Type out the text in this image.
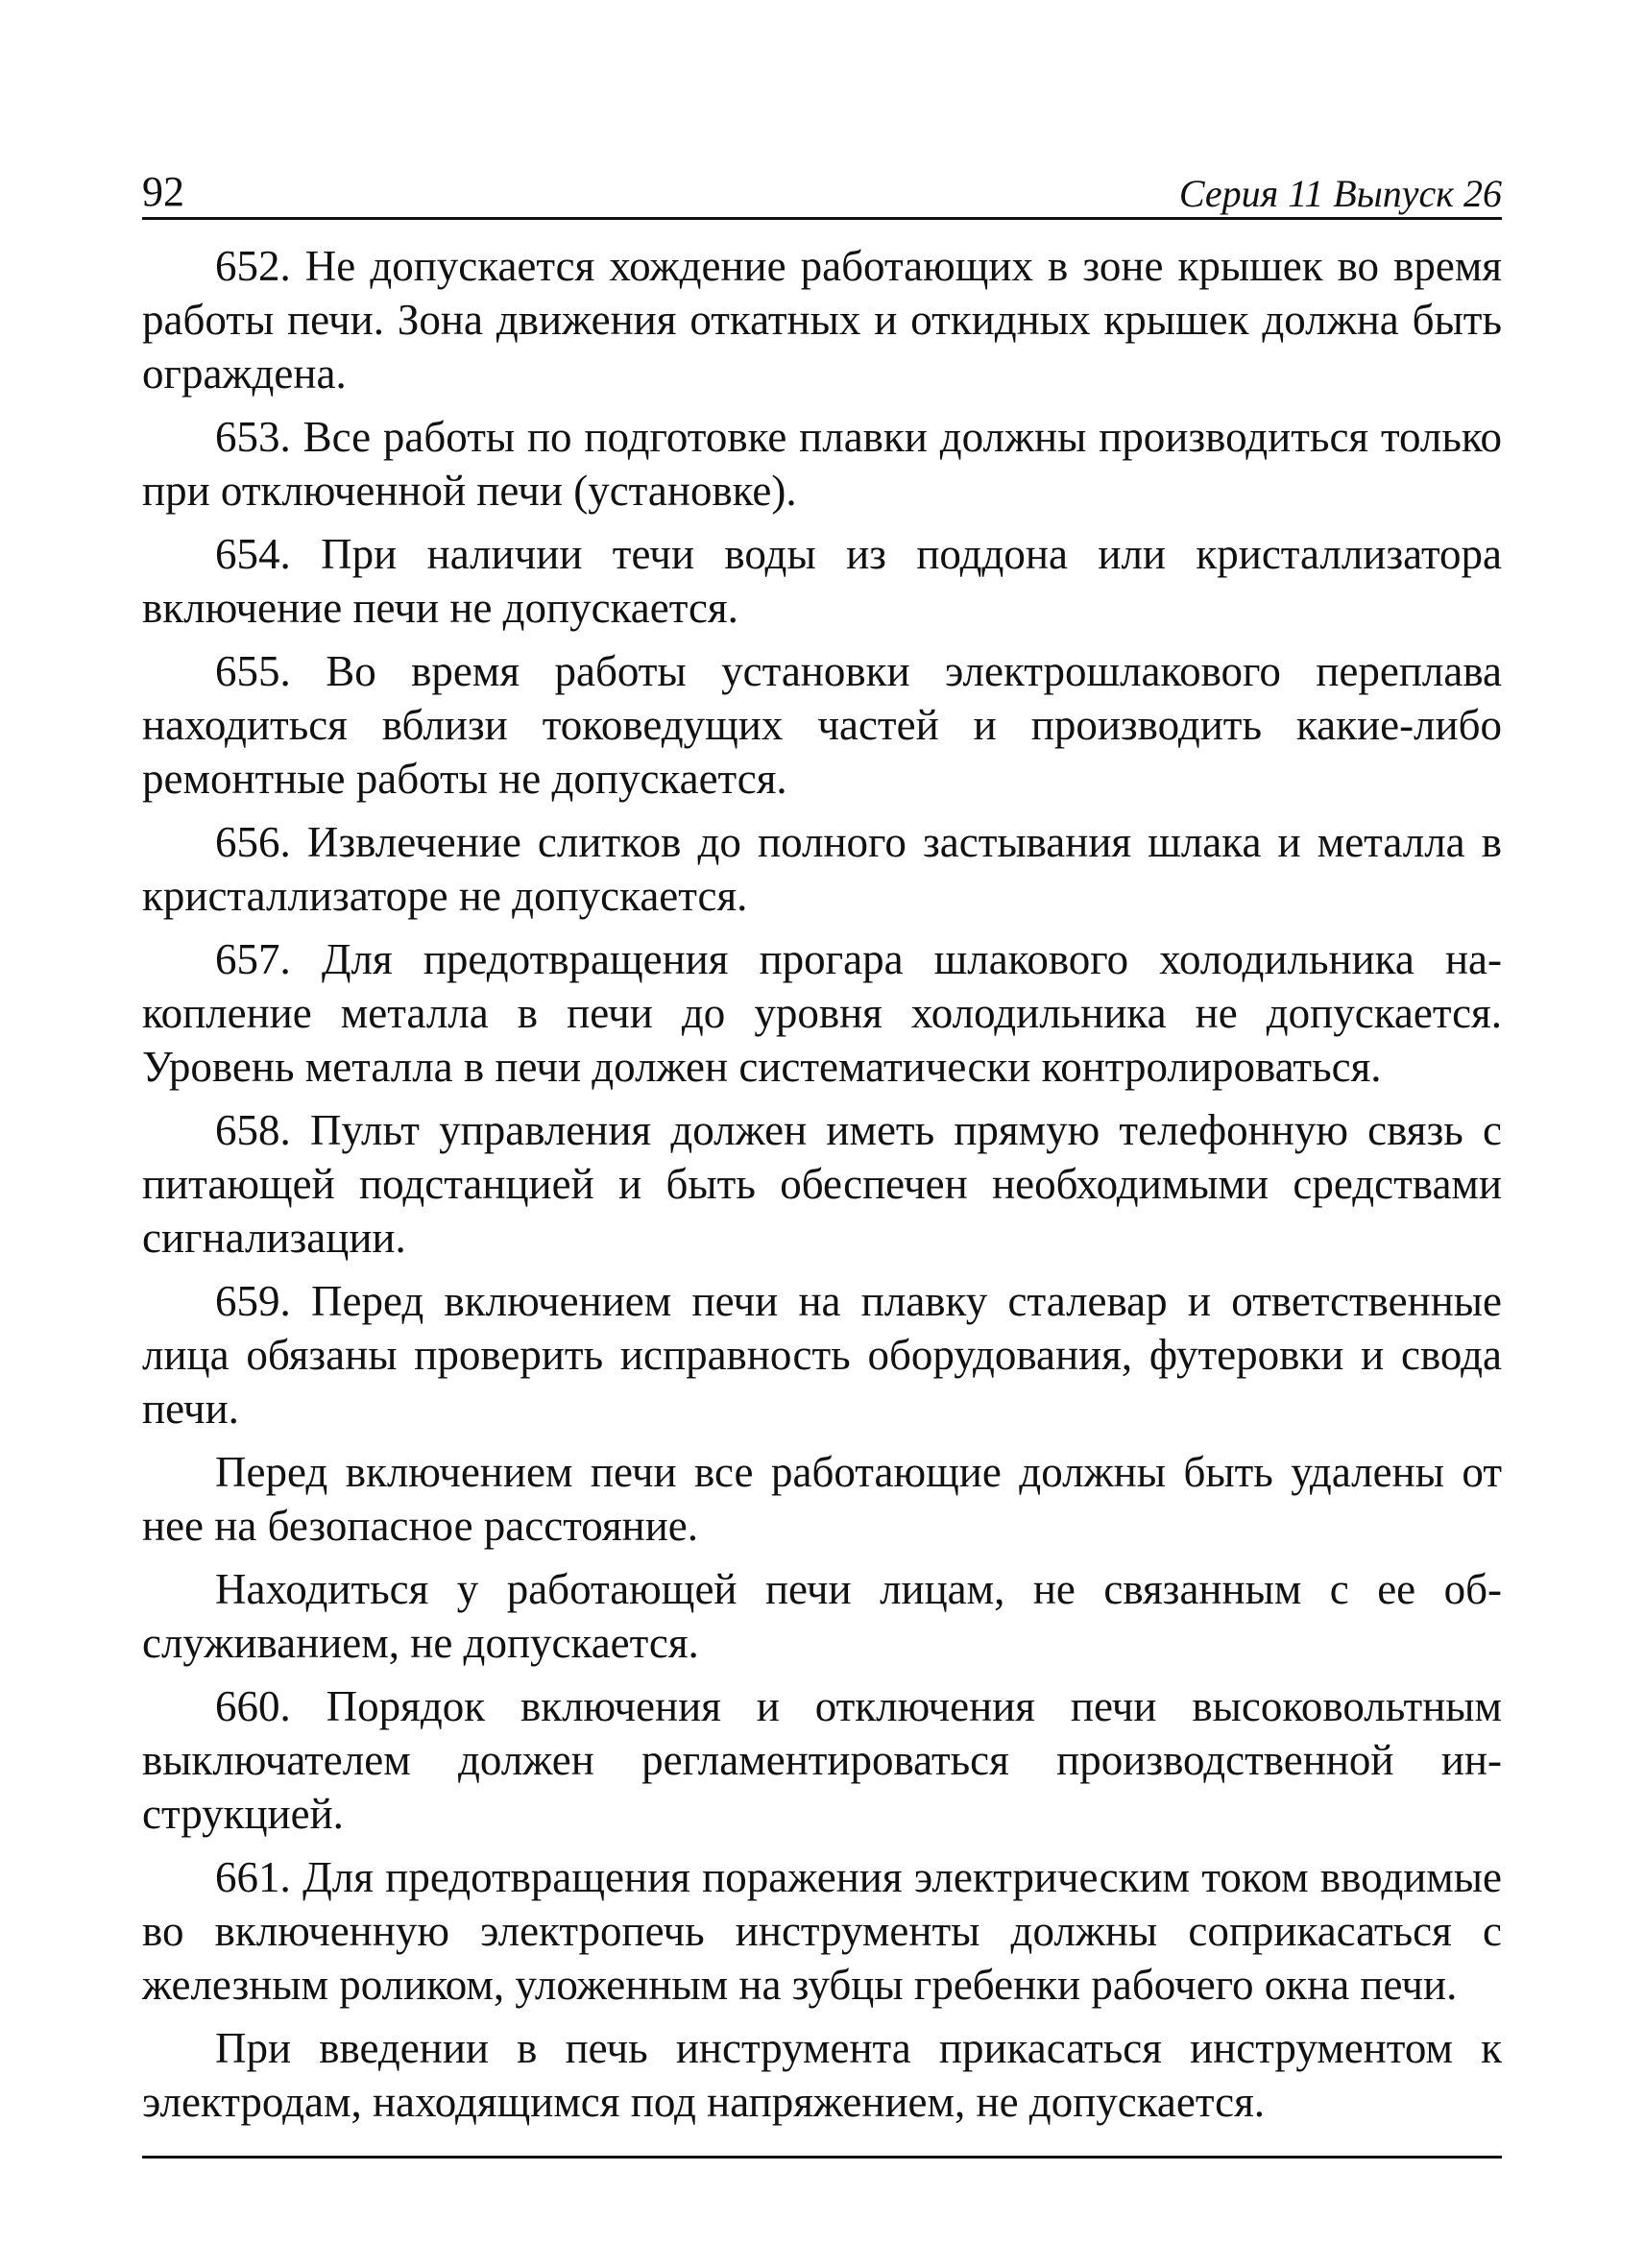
92	Серия 11 Выпуск 26

652. Не допускается хождение работающих в зоне крышек во время работы печи. Зона движения откатных и откидных крышек должна быть ограждена.

653. Все работы по подготовке плавки должны производиться только при отключенной печи (установке).

654. При наличии течи воды из поддона или кристаллизатора включение печи не допускается.

655. Во время работы установки электрошлакового переплава находиться вблизи токоведущих частей и производить какие-либо ремонтные работы не допускается.

656. Извлечение слитков до полного застывания шлака и металла в кристаллизаторе не допускается.

657. Для предотвращения прогара шлакового холодильника накопление металла в печи до уровня холодильника не допускается. Уровень металла в печи должен систематически контролироваться.

658. Пульт управления должен иметь прямую телефонную связь с питающей подстанцией и быть обеспечен необходимыми средствами сигнализации.

659. Перед включением печи на плавку сталевар и ответственные лица обязаны проверить исправность оборудования, футеровки и свода печи.

Перед включением печи все работающие должны быть удалены от нее на безопасное расстояние.

Находиться у работающей печи лицам, не связанным с ее обслуживанием, не допускается.

660. Порядок включения и отключения печи высоковольтным выключателем должен регламентироваться производственной инструкцией.

661. Для предотвращения поражения электрическим током вводимые во включенную электропечь инструменты должны соприкасаться с железным роликом, уложенным на зубцы гребенки рабочего окна печи.

При введении в печь инструмента прикасаться инструментом к электродам, находящимся под напряжением, не допускается.
